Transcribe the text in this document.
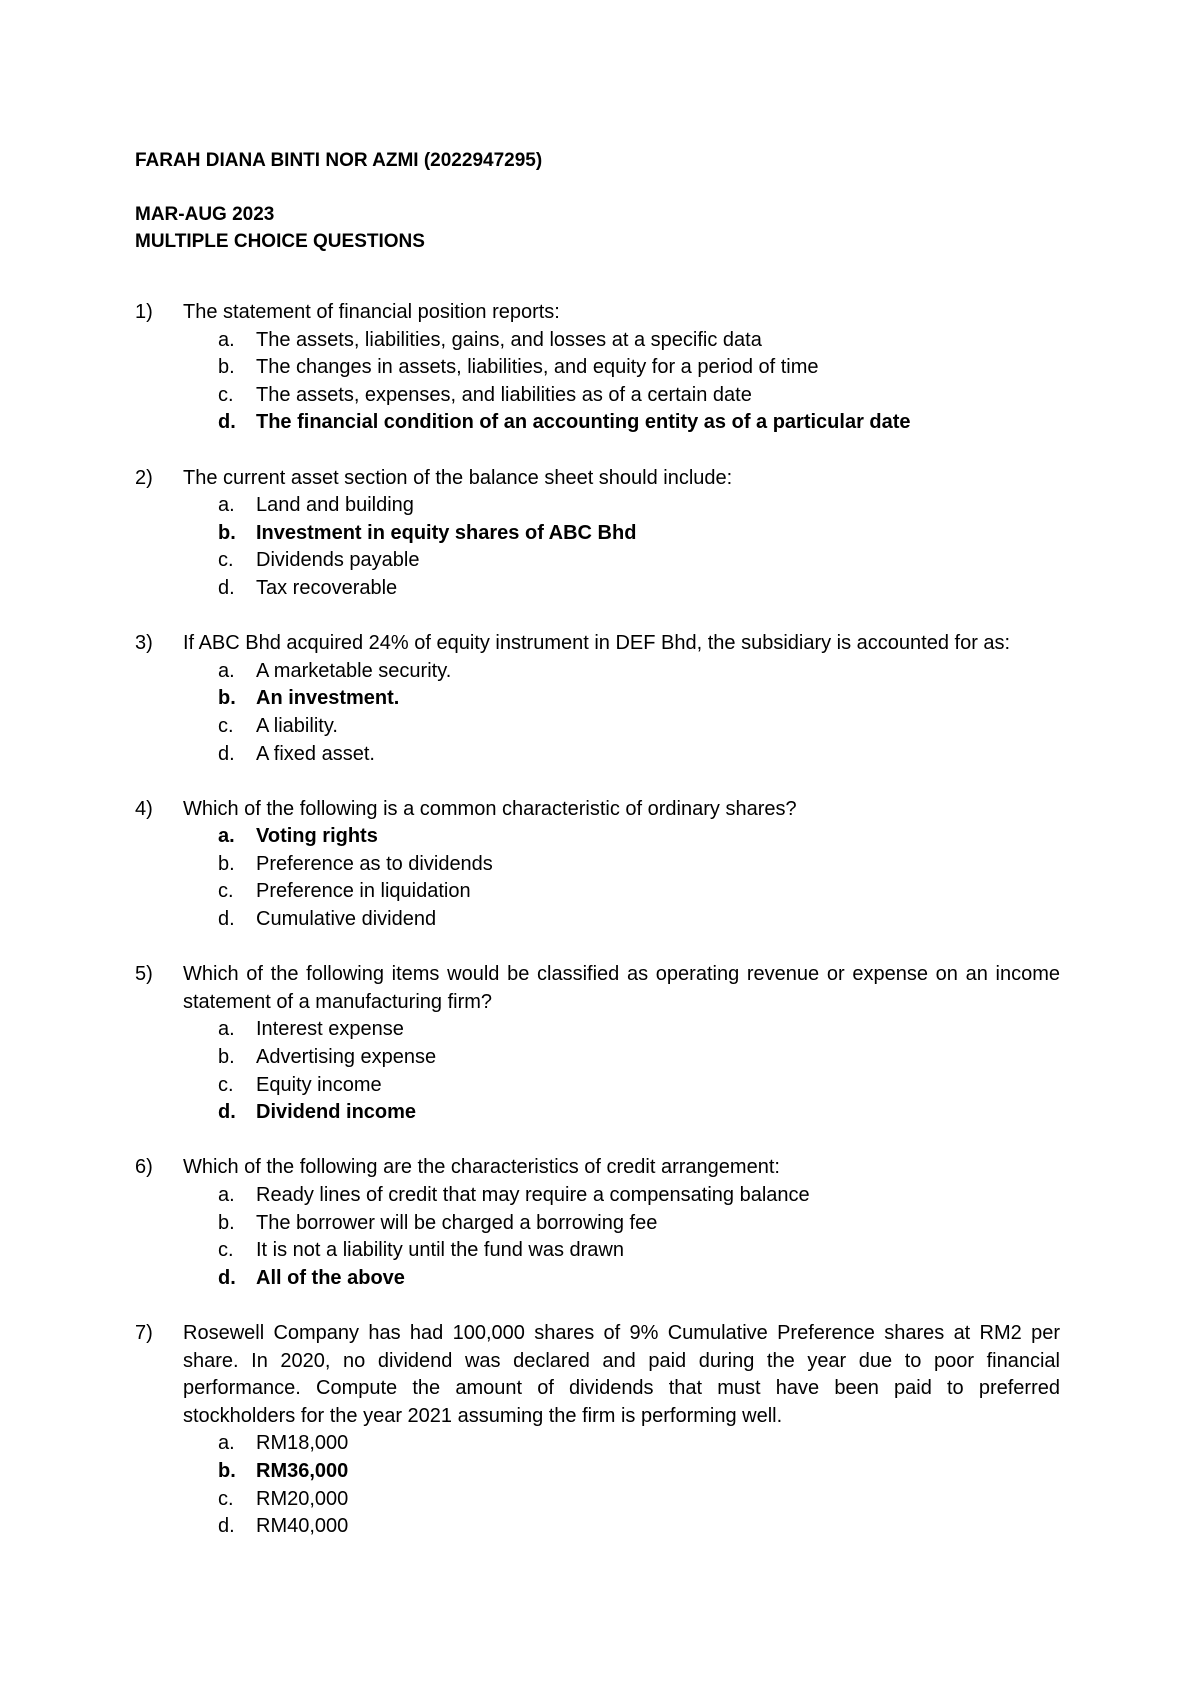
FARAH DIANA BINTI NOR AZMI (2022947295)
MAR-AUG 2023
MULTIPLE CHOICE QUESTIONS
1)	The statement of financial position reports:
a.	The assets, liabilities, gains, and losses at a specific data
b.	The changes in assets, liabilities, and equity for a period of time
c.	The assets, expenses, and liabilities as of a certain date
d.	The financial condition of an accounting entity as of a particular date
2)	The current asset section of the balance sheet should include:
a.	Land and building
b.	Investment in equity shares of ABC Bhd
c.	Dividends payable
d.	Tax recoverable
3)	If ABC Bhd acquired 24% of equity instrument in DEF Bhd, the subsidiary is accounted for as:
a.	A marketable security.
b.	An investment.
c.	A liability.
d.	A fixed asset.
4)	Which of the following is a common characteristic of ordinary shares?
a.	Voting rights
b.	Preference as to dividends
c.	Preference in liquidation
d.	Cumulative dividend
5)	Which of the following items would be classified as operating revenue or expense on an income statement of a manufacturing firm?
a.	Interest expense
b.	Advertising expense
c.	Equity income
d.	Dividend income
6)	Which of the following are the characteristics of credit arrangement:
a.	Ready lines of credit that may require a compensating balance
b.	The borrower will be charged a borrowing fee
c.	It is not a liability until the fund was drawn
d.	All of the above
7)	Rosewell Company has had 100,000 shares of 9% Cumulative Preference shares at RM2 per share. In 2020, no dividend was declared and paid during the year due to poor financial performance. Compute the amount of dividends that must have been paid to preferred stockholders for the year 2021 assuming the firm is performing well.
a.	RM18,000
b.	RM36,000
c.	RM20,000
d.	RM40,000
